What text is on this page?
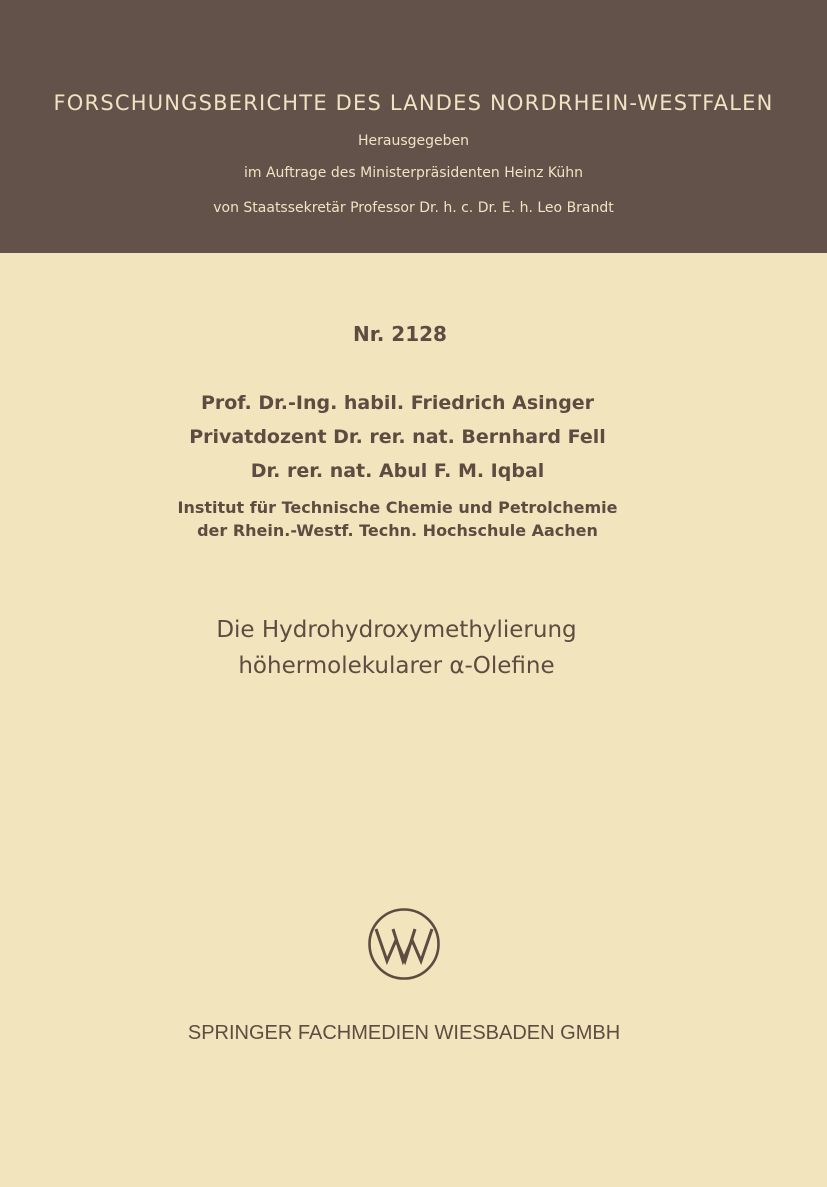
FORSCHUNGSBERICHTE DES LANDES NORDRHEIN-WESTFALEN
Herausgegeben
im Auftrage des Ministerpräsidenten Heinz Kühn
von Staatssekretär Professor Dr. h. c. Dr. E. h. Leo Brandt
Nr. 2128
Prof. Dr.-Ing. habil. Friedrich Asinger
Privatdozent Dr. rer. nat. Bernhard Fell
Dr. rer. nat. Abul F. M. Iqbal
Institut für Technische Chemie und Petrolchemie
der Rhein.-Westf. Techn. Hochschule Aachen
Die Hydrohydroxymethylierung
höhermolekularer α-Olefine
SPRINGER FACHMEDIEN WIESBADEN GMBH
